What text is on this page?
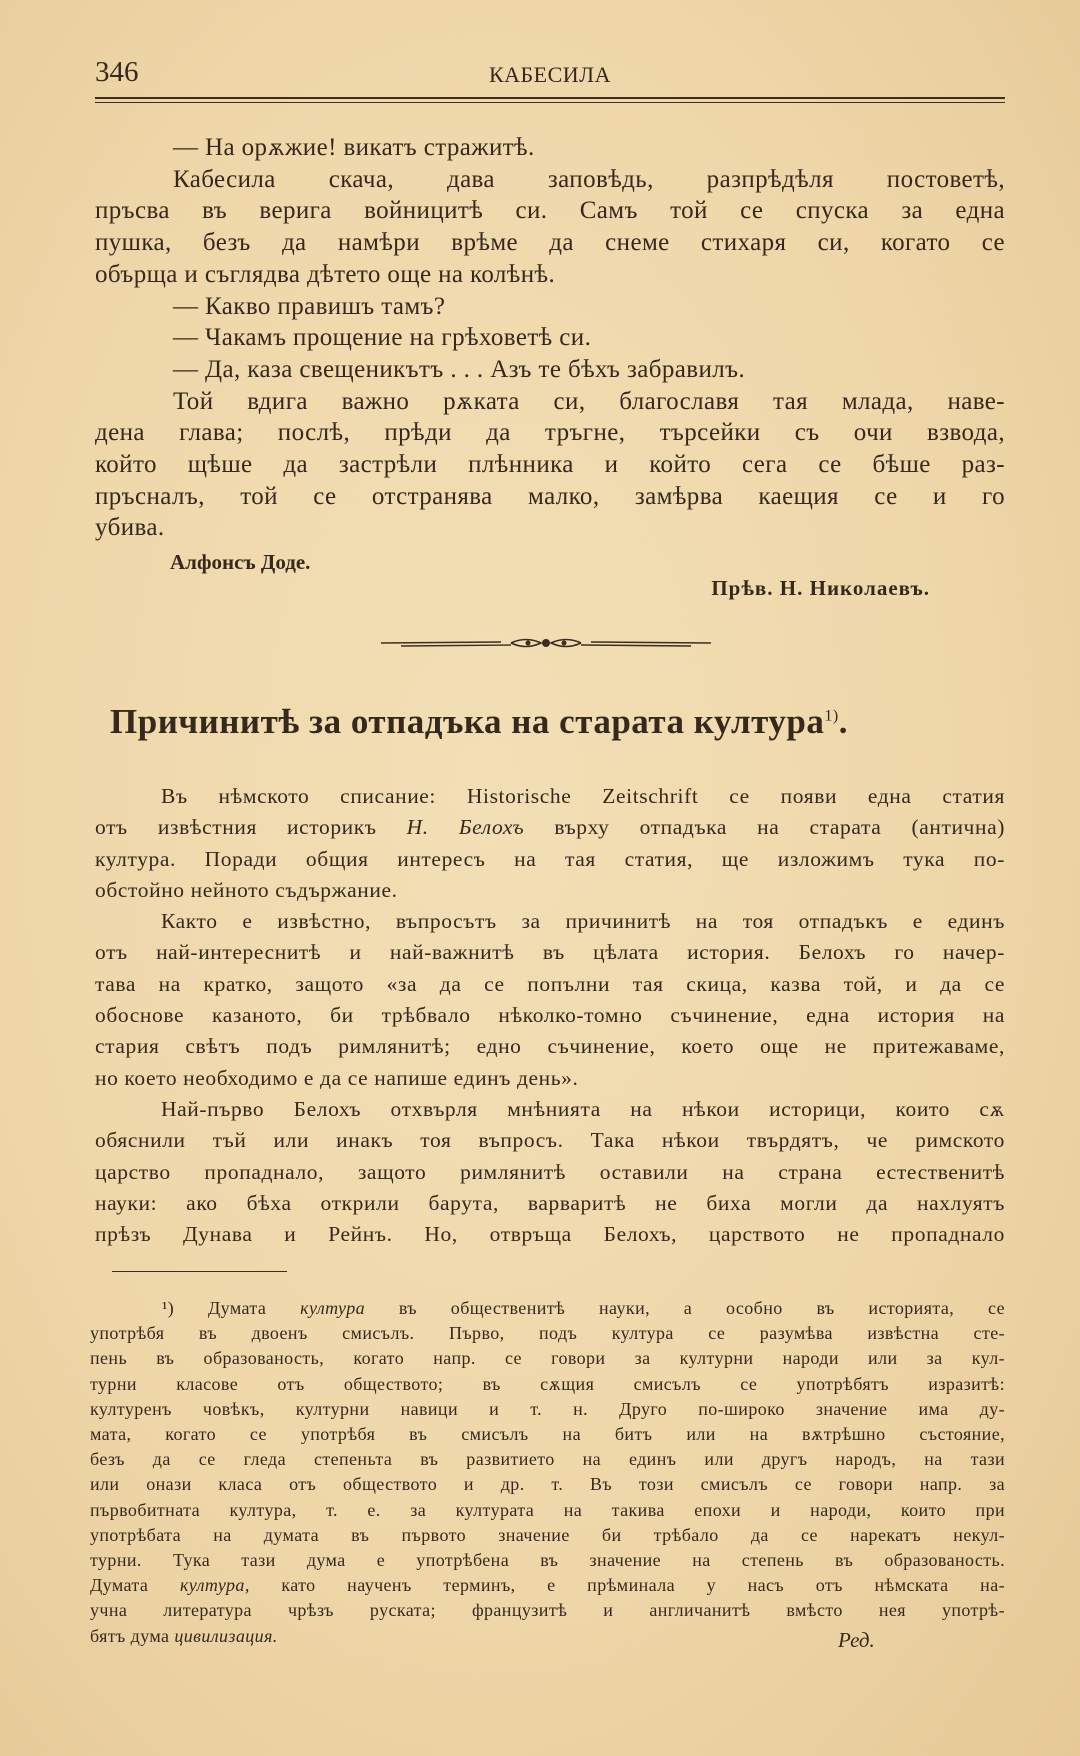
346	КАБЕСИЛА
— На орѫжие! викатъ стражитѣ.
Кабесила скача, дава заповѣдь, разпрѣдѣля постоветѣ,
пръсва въ верига войницитѣ си. Самъ той се спуска за една
пушка, безъ да намѣри врѣме да снеме стихаря си, когато се
обърща и съглядва дѣтето още на колѣнѣ.
— Какво правишъ тамъ?
— Чакамъ прощение на грѣховетѣ си.
— Да, каза свещеникътъ . . . Азъ те бѣхъ забравилъ.
Той вдига важно рѫката си, благославя тая млада, наве-
дена глава; послѣ, прѣди да тръгне, търсейки съ очи взвода,
който щѣше да застрѣли плѣнника и който сега се бѣше раз-
пръсналъ, той се отстранява малко, замѣрва каещия се и го
убива.
Алфонсъ Доде.
Прѣв. Н. Николаевъ.
Причинитѣ за отпадъка на старата култура$^{1)}$.
Въ нѣмското списание: Historische Zeitschrift се появи една статия
отъ извѣстния историкъ Н. Белохъ върху отпадъка на старата (антична)
култура. Поради общия интересъ на тая статия, ще изложимъ тука по-
обстойно нейното съдържание.
Както е извѣстно, въпросътъ за причинитѣ на тоя отпадъкъ е единъ
отъ най-интереснитѣ и най-важнитѣ въ цѣлата история. Белохъ го начер-
тава на кратко, защото «за да се попълни тая скица, казва той, и да се
обоснове казаното, би трѣбвало нѣколко-томно съчинение, една история на
стария свѣтъ подъ римлянитѣ; едно съчинение, което още не притежаваме,
но което необходимо е да се напише единъ день».
Най-първо Белохъ отхвърля мнѣнията на нѣкои историци, които сѫ
обяснили тъй или инакъ тоя въпросъ. Така нѣкои твърдятъ, че римското
царство пропаднало, защото римлянитѣ оставили на страна естественитѣ
науки: ако бѣха открили барута, варваритѣ не биха могли да нахлуятъ
прѣзъ Дунава и Рейнъ. Но, отвръща Белохъ, царството не пропаднало
¹) Думата култура въ общественитѣ науки, а особно въ историята, се
употрѣбя въ двоенъ смисълъ. Първо, подъ култура се разумѣва извѣстна сте-
пень въ образованость, когато напр. се говори за културни народи или за кул-
турни класове отъ обществото; въ сѫщия смисълъ се употрѣбятъ изразитѣ:
културенъ човѣкъ, културни навици и т. н. Друго по-широко значение има ду-
мата, когато се употрѣбя въ смисълъ на битъ или на вѫтрѣшно състояние,
безъ да се гледа степеньта въ развитието на единъ или другъ народъ, на тази
или онази класа отъ обществото и др. т. Въ този смисълъ се говори напр. за
първобитната култура, т. е. за културата на такива епохи и народи, които при
употрѣбата на думата въ първото значение би трѣбало да се нарекатъ некул-
турни. Тука тази дума е употрѣбена въ значение на степень въ образованость.
Думата култура, като наученъ терминъ, е прѣминала у насъ отъ нѣмската на-
учна литература чрѣзъ руската; французитѣ и англичанитѣ вмѣсто нея употрѣ-
бятъ дума цивилизация.	Ред.
